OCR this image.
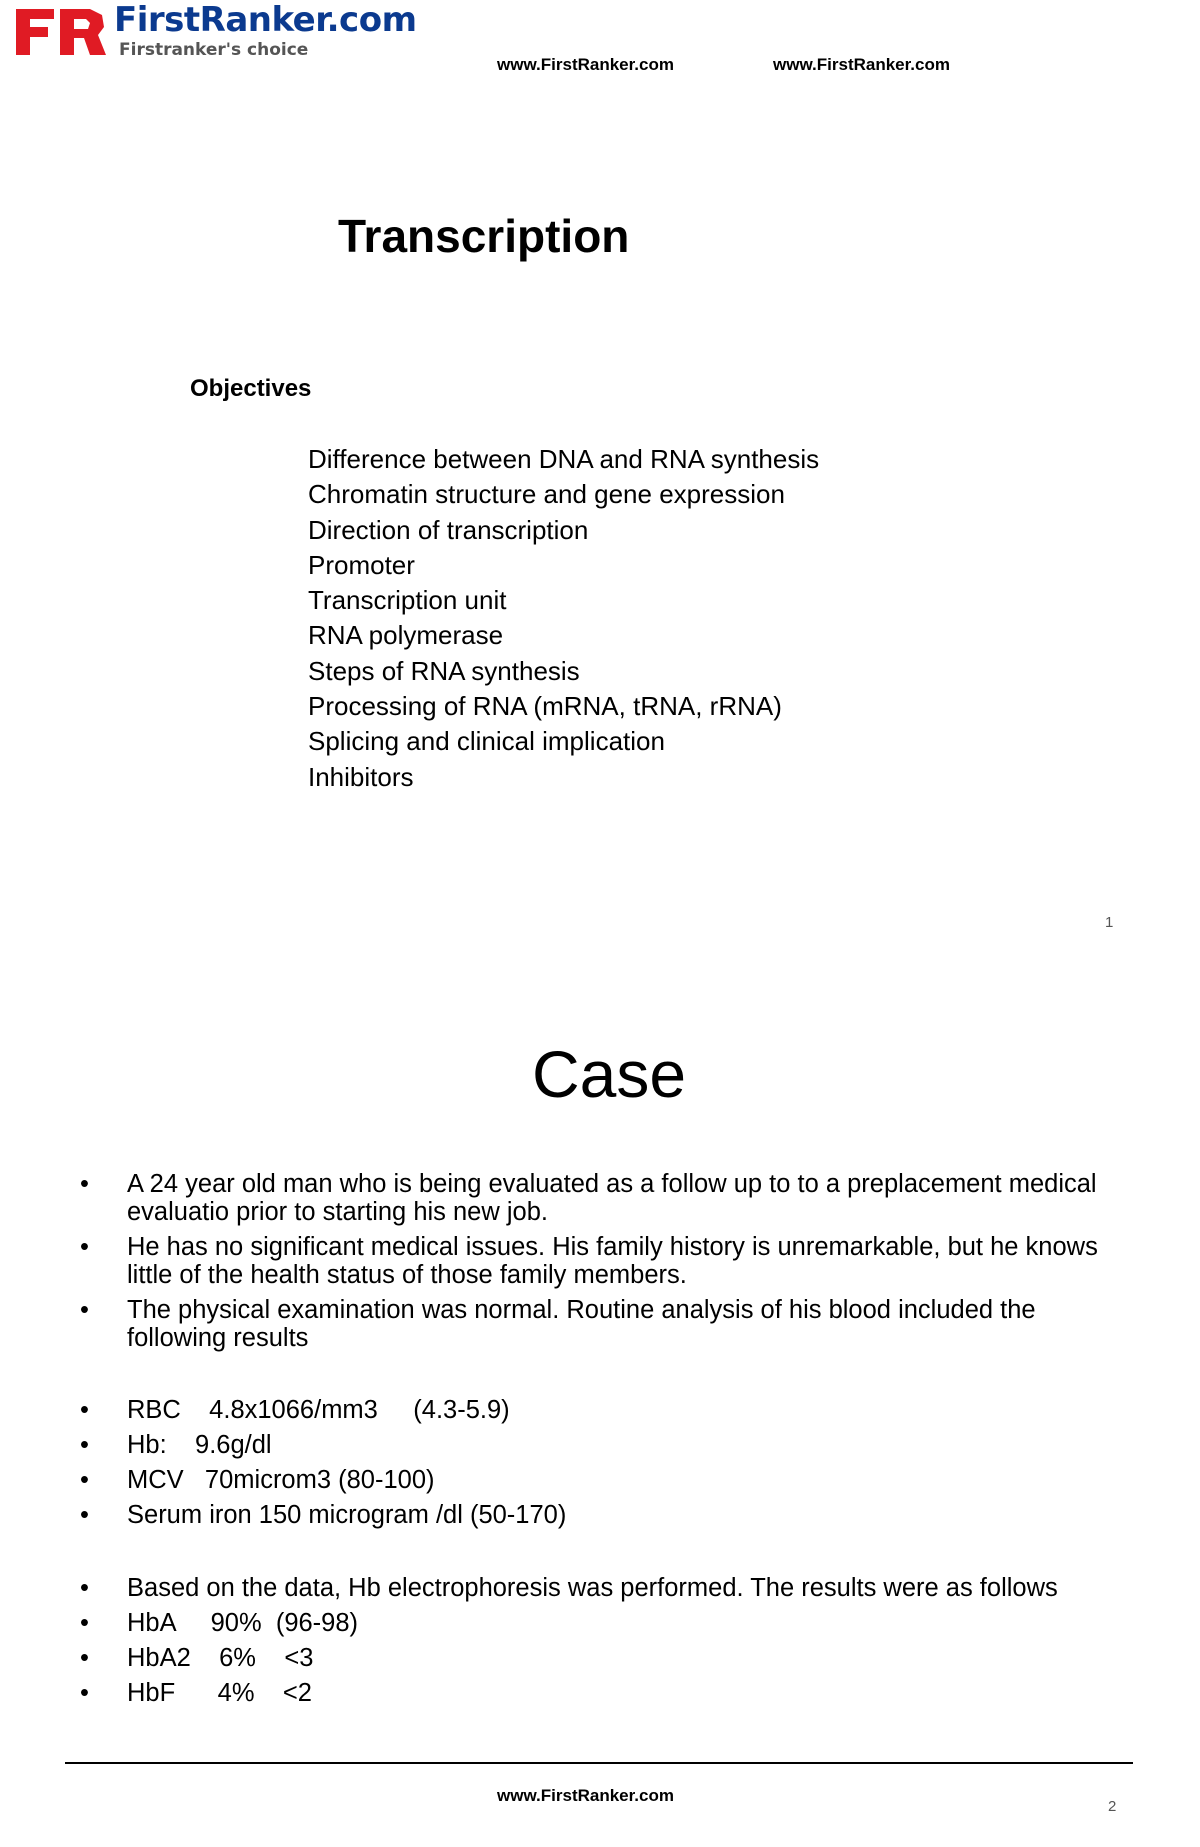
FirstRanker.com
Firstranker's choice
www.FirstRanker.com	www.FirstRanker.com
Transcription
Objectives
Difference between DNA and RNA synthesis
Chromatin structure and gene expression
Direction of transcription
Promoter
Transcription unit
RNA polymerase
Steps of RNA synthesis
Processing of RNA (mRNA, tRNA, rRNA)
Splicing and clinical implication
Inhibitors
1
Case
• A 24 year old man who is being evaluated as a follow up to to a preplacement medical evaluatio prior to starting his new job.
• He has no significant medical issues. His family history is unremarkable, but he knows little of the health status of those family members.
• The physical examination was normal. Routine analysis of his blood included the following results
• RBC    4.8x1066/mm3     (4.3-5.9)
• Hb:    9.6g/dl
• MCV   70microm3 (80-100)
• Serum iron 150 microgram /dl (50-170)
• Based on the data, Hb electrophoresis was performed. The results were as follows
• HbA     90%  (96-98)
• HbA2    6%    <3
• HbF      4%    <2
www.FirstRanker.com
2
